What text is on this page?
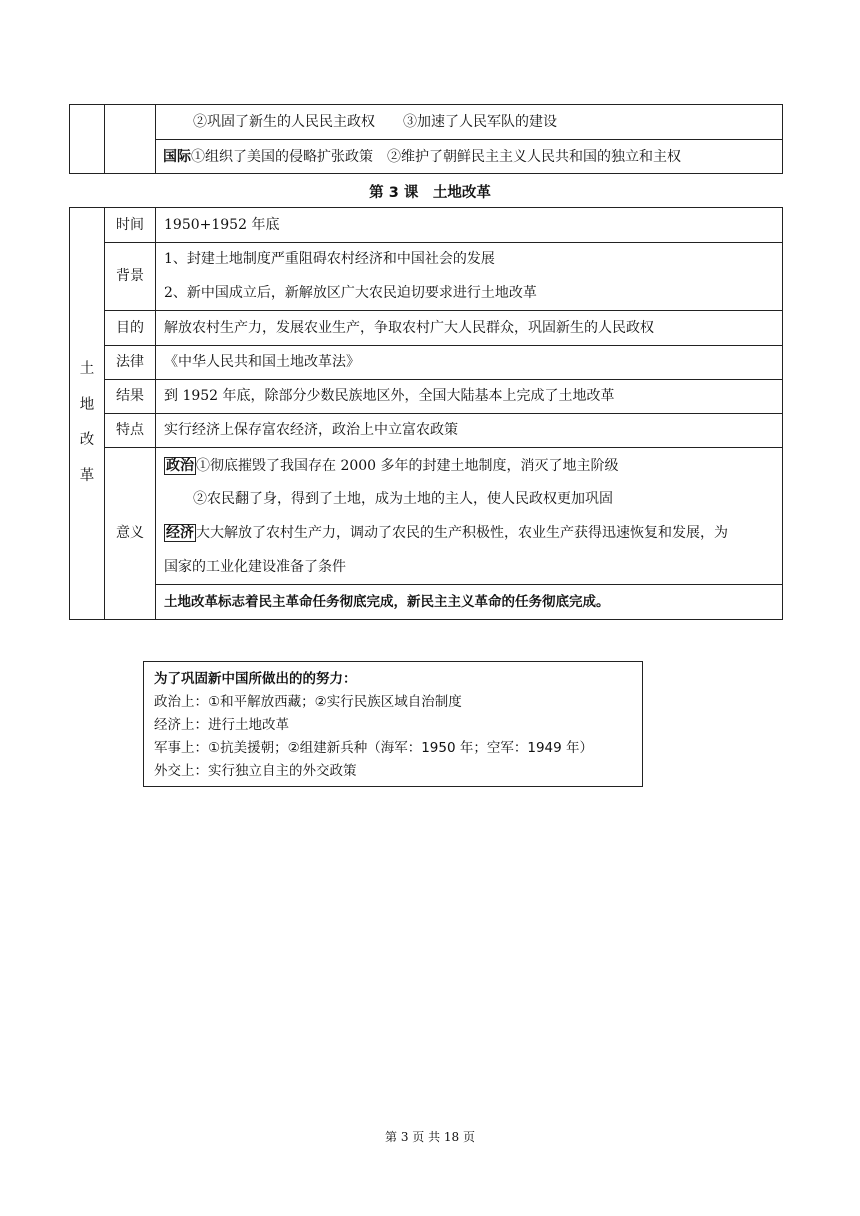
②巩固了新生的人民民主政权　　③加速了人民军队的建设
国际①组织了美国的侵略扩张政策　②维护了朝鲜民主主义人民共和国的独立和主权
第 3 课　土地改革
土
地
改
革
时间
背景
目的
法律
结果
特点
意义
1950+1952 年底
1、封建土地制度严重阻碍农村经济和中国社会的发展
2、新中国成立后，新解放区广大农民迫切要求进行土地改革
解放农村生产力，发展农业生产，争取农村广大人民群众，巩固新生的人民政权
《中华人民共和国土地改革法》
到 1952 年底，除部分少数民族地区外，全国大陆基本上完成了土地改革
实行经济上保存富农经济，政治上中立富农政策
政治 ①彻底摧毁了我国存在 2000 多年的封建土地制度，消灭了地主阶级
②农民翻了身，得到了土地，成为土地的主人，使人民政权更加巩固
经济 大大解放了农村生产力，调动了农民的生产积极性，农业生产获得迅速恢复和发展，为
国家的工业化建设准备了条件
土地改革标志着民主革命任务彻底完成，新民主主义革命的任务彻底完成。
为了巩固新中国所做出的的努力：
政治上：①和平解放西藏；②实行民族区域自治制度
经济上：进行土地改革
军事上：①抗美援朝；②组建新兵种（海军：1950 年；空军：1949 年）
外交上：实行独立自主的外交政策
第 3 页 共 18 页
